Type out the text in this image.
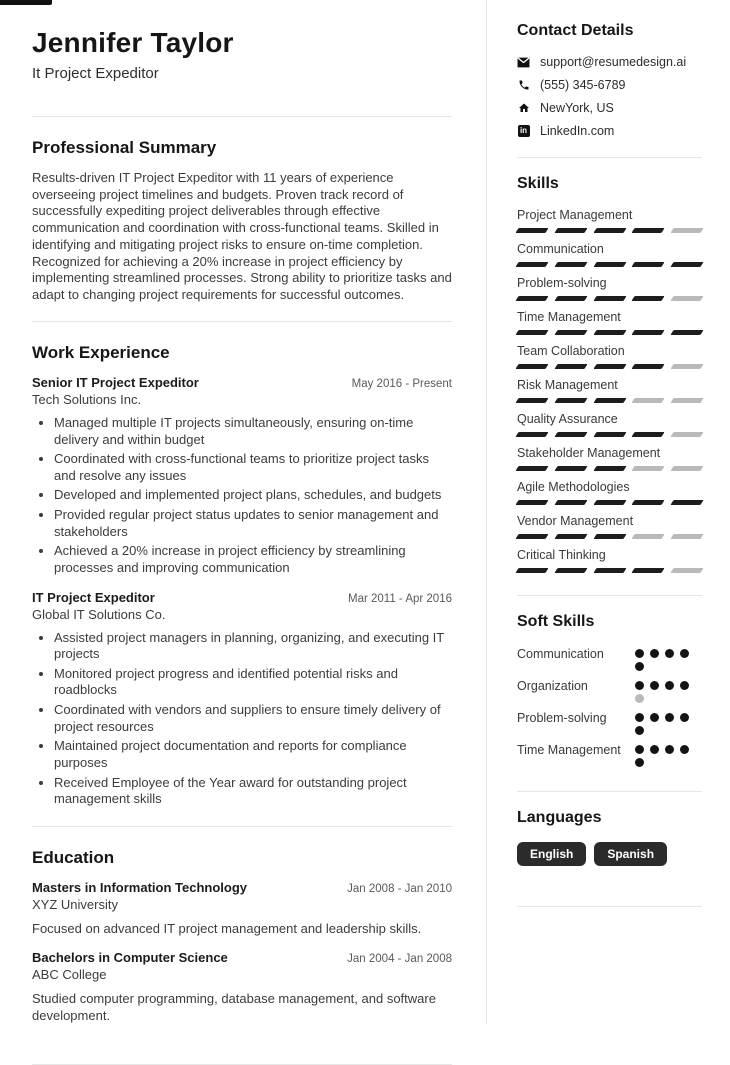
Jennifer Taylor
It Project Expeditor
Professional Summary

Results-driven IT Project Expeditor with 11 years of experience overseeing project timelines and budgets. Proven track record of successfully expediting project deliverables through effective communication and coordination with cross-functional teams. Skilled in identifying and mitigating project risks to ensure on-time completion. Recognized for achieving a 20% increase in project efficiency by implementing streamlined processes. Strong ability to prioritize tasks and adapt to changing project requirements for successful outcomes.

Work Experience
Senior IT Project Expeditor	May 2016 - Present
Tech Solutions Inc.
• Managed multiple IT projects simultaneously, ensuring on-time delivery and within budget
• Coordinated with cross-functional teams to prioritize project tasks and resolve any issues
• Developed and implemented project plans, schedules, and budgets
• Provided regular project status updates to senior management and stakeholders
• Achieved a 20% increase in project efficiency by streamlining processes and improving communication
IT Project Expeditor	Mar 2011 - Apr 2016
Global IT Solutions Co.
• Assisted project managers in planning, organizing, and executing IT projects
• Monitored project progress and identified potential risks and roadblocks
• Coordinated with vendors and suppliers to ensure timely delivery of project resources
• Maintained project documentation and reports for compliance purposes
• Received Employee of the Year award for outstanding project management skills
Education
Masters in Information Technology	Jan 2008 - Jan 2010
XYZ University

Focused on advanced IT project management and leadership skills.

Bachelors in Computer Science	Jan 2004 - Jan 2008
ABC College

Studied computer programming, database management, and software development.

Contact Details
support@resumedesign.ai
(555) 345-6789
NewYork, US
in LinkedIn.com
Skills
Project Management
Communication
Problem-solving
Time Management
Team Collaboration
Risk Management
Quality Assurance
Stakeholder Management
Agile Methodologies
Vendor Management
Critical Thinking
Soft Skills
Communication
Organization
Problem-solving
Time Management
Languages
English	Spanish
